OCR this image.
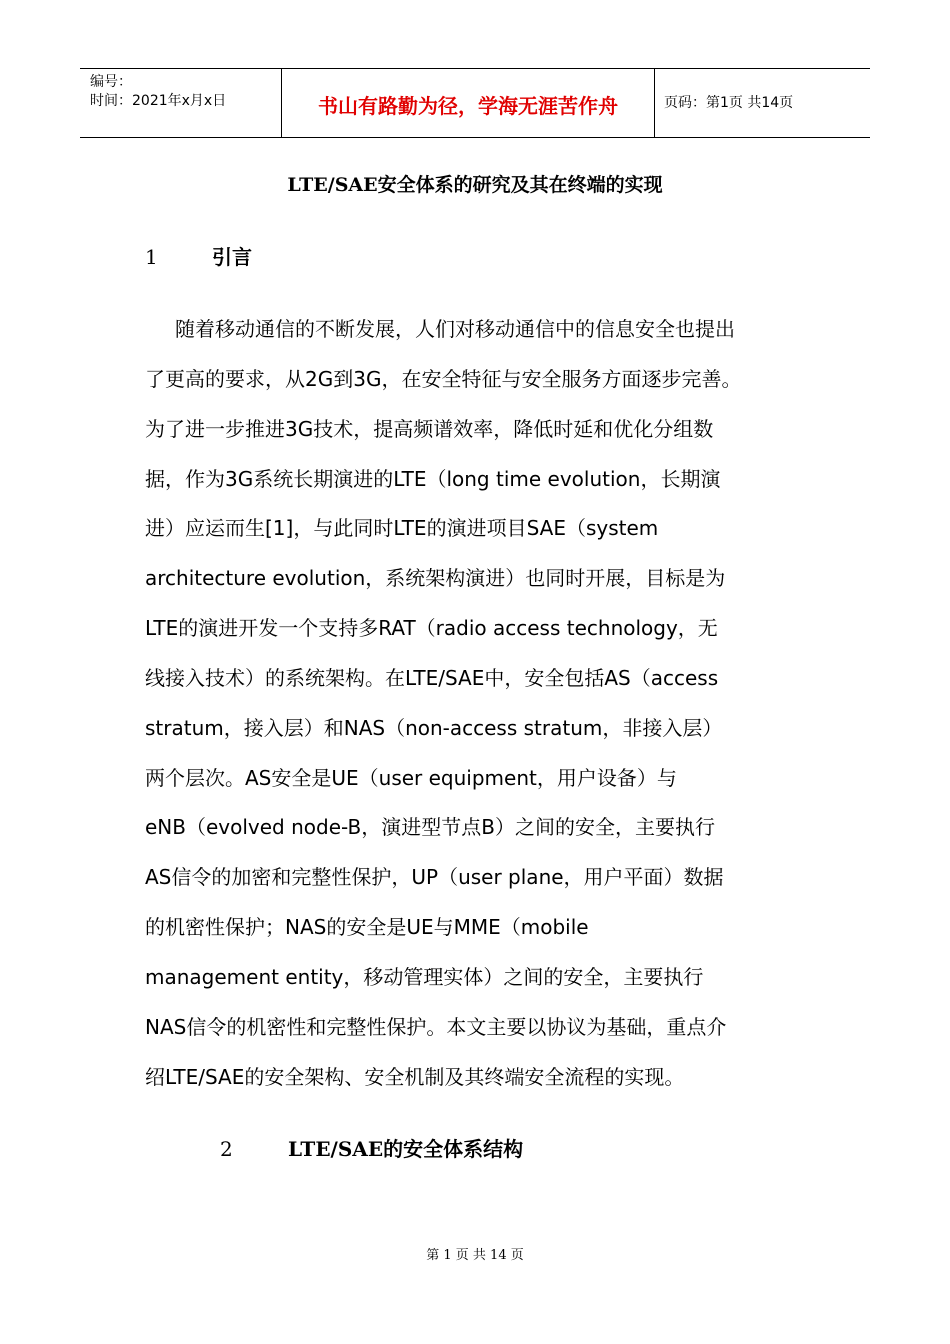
编号：
时间：2021年x月x日	书山有路勤为径，学海无涯苦作舟	页码：第1页 共14页
LTE/SAE安全体系的研究及其在终端的实现
1	引言
随着移动通信的不断发展，人们对移动通信中的信息安全也提出
了更高的要求，从2G到3G，在安全特征与安全服务方面逐步完善。
为了进一步推进3G技术，提高频谱效率，降低时延和优化分组数
据，作为3G系统长期演进的LTE（long time evolution，长期演
进）应运而生[1]，与此同时LTE的演进项目SAE（system
architecture evolution，系统架构演进）也同时开展，目标是为
LTE的演进开发一个支持多RAT（radio access technology，无
线接入技术）的系统架构。在LTE/SAE中，安全包括AS（access
stratum，接入层）和NAS（non-access stratum，非接入层）
两个层次。AS安全是UE（user equipment，用户设备）与
eNB（evolved node-B，演进型节点B）之间的安全，主要执行
AS信令的加密和完整性保护，UP（user plane，用户平面）数据
的机密性保护；NAS的安全是UE与MME（mobile
management entity，移动管理实体）之间的安全，主要执行
NAS信令的机密性和完整性保护。本文主要以协议为基础，重点介
绍LTE/SAE的安全架构、安全机制及其终端安全流程的实现。
2	LTE/SAE的安全体系结构
第 1 页 共 14 页
